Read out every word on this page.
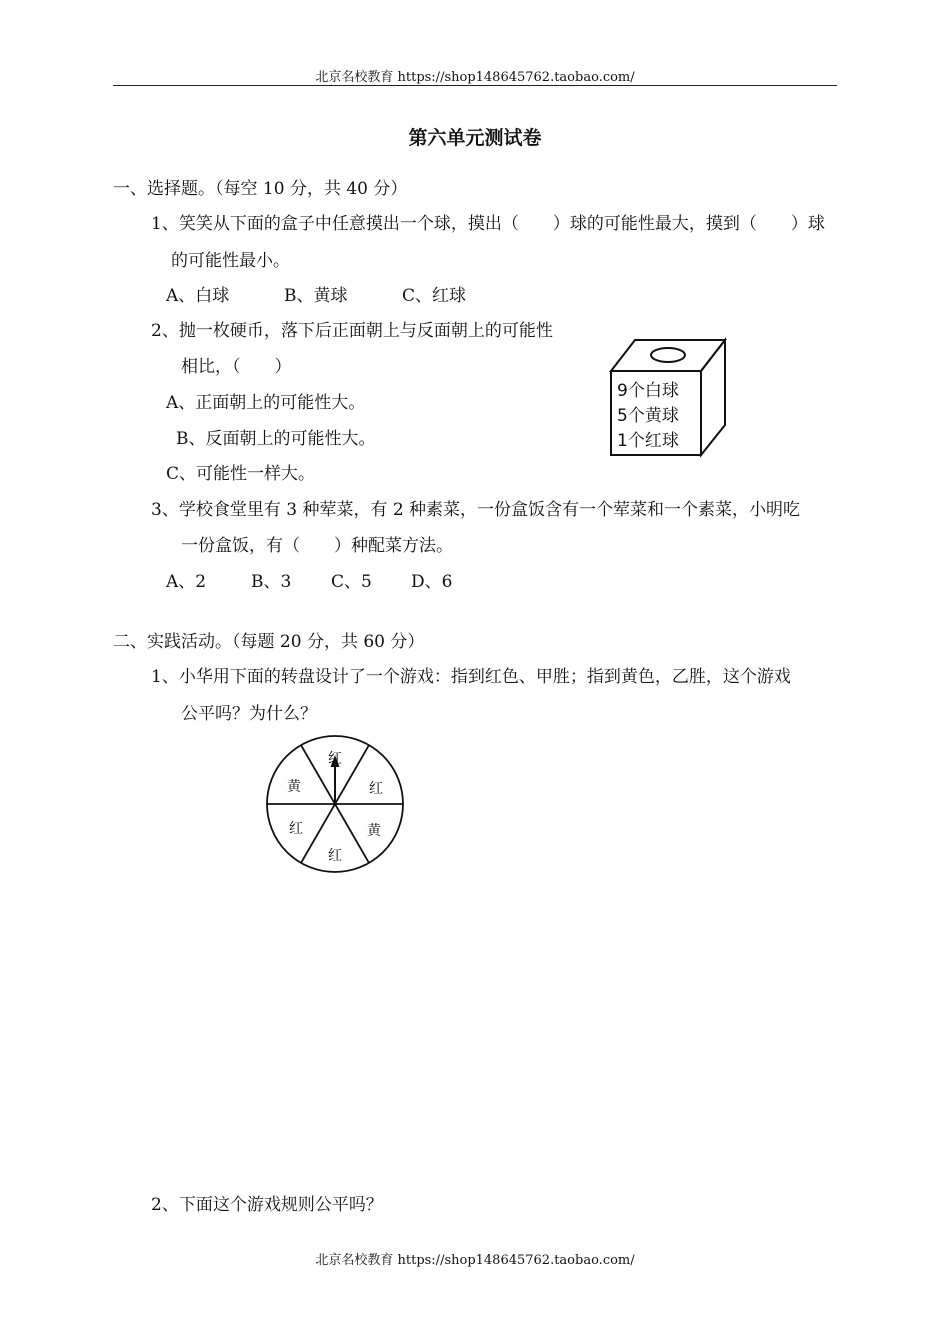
北京名校教育 https://shop148645762.taobao.com/
第六单元测试卷
一、选择题。（每空 10 分，共 40 分）
1、笑笑从下面的盒子中任意摸出一个球，摸出（　　）球的可能性最大，摸到（　　）球
的可能性最小。
A、白球	B、黄球	C、红球
2、抛一枚硬币，落下后正面朝上与反面朝上的可能性
相比，（　　）
A、正面朝上的可能性大。
B、反面朝上的可能性大。
C、可能性一样大。
9个白球
5个黄球
1个红球
3、学校食堂里有 3 种荤菜，有 2 种素菜，一份盒饭含有一个荤菜和一个素菜，小明吃
一份盒饭，有（　　）种配菜方法。
A、2	B、3 C、5 D、6
二、实践活动。（每题 20 分，共 60 分）
1、小华用下面的转盘设计了一个游戏：指到红色、甲胜；指到黄色，乙胜，这个游戏
公平吗？为什么？
红
红
黄
红
红
黄
2、下面这个游戏规则公平吗？
北京名校教育 https://shop148645762.taobao.com/
